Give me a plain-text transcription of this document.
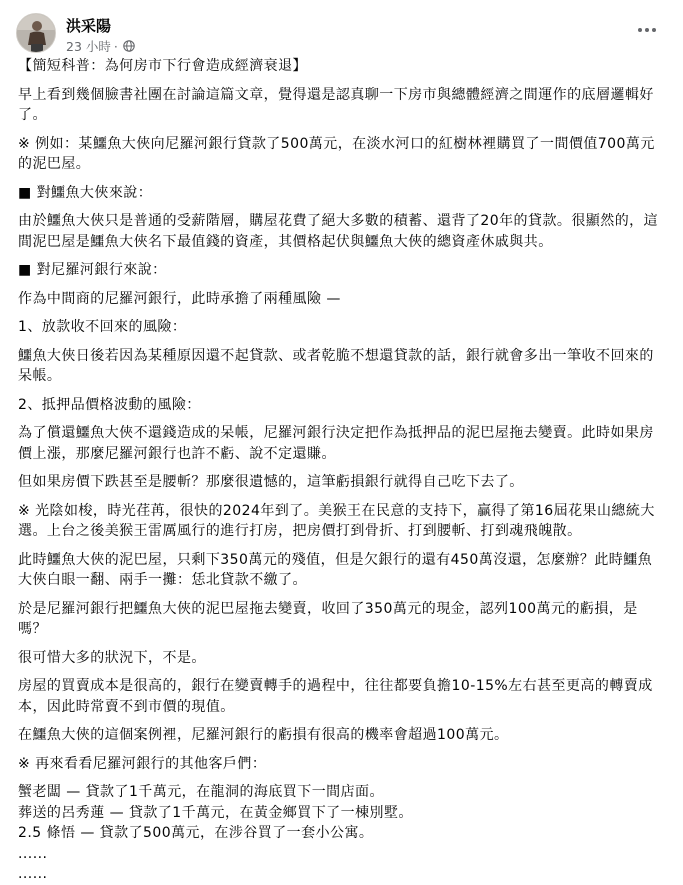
洪采陽
23 小時 ·

【簡短科普：為何房市下行會造成經濟衰退】

早上看到幾個臉書社團在討論這篇文章，覺得還是認真聊一下房市與總體經濟之間運作的底層邏輯好了。

※ 例如：某鱷魚大俠向尼羅河銀行貸款了500萬元，在淡水河口的紅樹林裡購買了一間價值700萬元的泥巴屋。

■ 對鱷魚大俠來說：

由於鱷魚大俠只是普通的受薪階層，購屋花費了絕大多數的積蓄、還背了20年的貸款。很顯然的，這間泥巴屋是鱷魚大俠名下最值錢的資產，其價格起伏與鱷魚大俠的總資產休戚與共。

■ 對尼羅河銀行來說：

作為中間商的尼羅河銀行，此時承擔了兩種風險 —

1、放款收不回來的風險：

鱷魚大俠日後若因為某種原因還不起貸款、或者乾脆不想還貸款的話，銀行就會多出一筆收不回來的呆帳。

2、抵押品價格波動的風險：

為了償還鱷魚大俠不還錢造成的呆帳，尼羅河銀行決定把作為抵押品的泥巴屋拖去變賣。此時如果房價上漲，那麼尼羅河銀行也許不虧、說不定還賺。

但如果房價下跌甚至是腰斬？那麼很遺憾的，這筆虧損銀行就得自己吃下去了。

※ 光陰如梭，時光荏苒，很快的2024年到了。美猴王在民意的支持下，贏得了第16屆花果山總統大選。上台之後美猴王雷厲風行的進行打房，把房價打到骨折、打到腰斬、打到魂飛魄散。

此時鱷魚大俠的泥巴屋，只剩下350萬元的殘值，但是欠銀行的還有450萬沒還，怎麼辦？此時鱷魚大俠白眼一翻、兩手一攤：恁北貸款不繳了。

於是尼羅河銀行把鱷魚大俠的泥巴屋拖去變賣，收回了350萬元的現金，認列100萬元的虧損，是嗎？

很可惜大多的狀況下，不是。

房屋的買賣成本是很高的，銀行在變賣轉手的過程中，往往都要負擔10-15%左右甚至更高的轉賣成本，因此時常賣不到市價的現值。

在鱷魚大俠的這個案例裡，尼羅河銀行的虧損有很高的機率會超過100萬元。

※ 再來看看尼羅河銀行的其他客戶們：

蟹老闆 — 貸款了1千萬元，在龍洞的海底買下一間店面。

葬送的呂秀蓮 — 貸款了1千萬元，在黃金鄉買下了一棟別墅。

2.5 條悟 — 貸款了500萬元，在涉谷買了一套小公寓。

......

......
